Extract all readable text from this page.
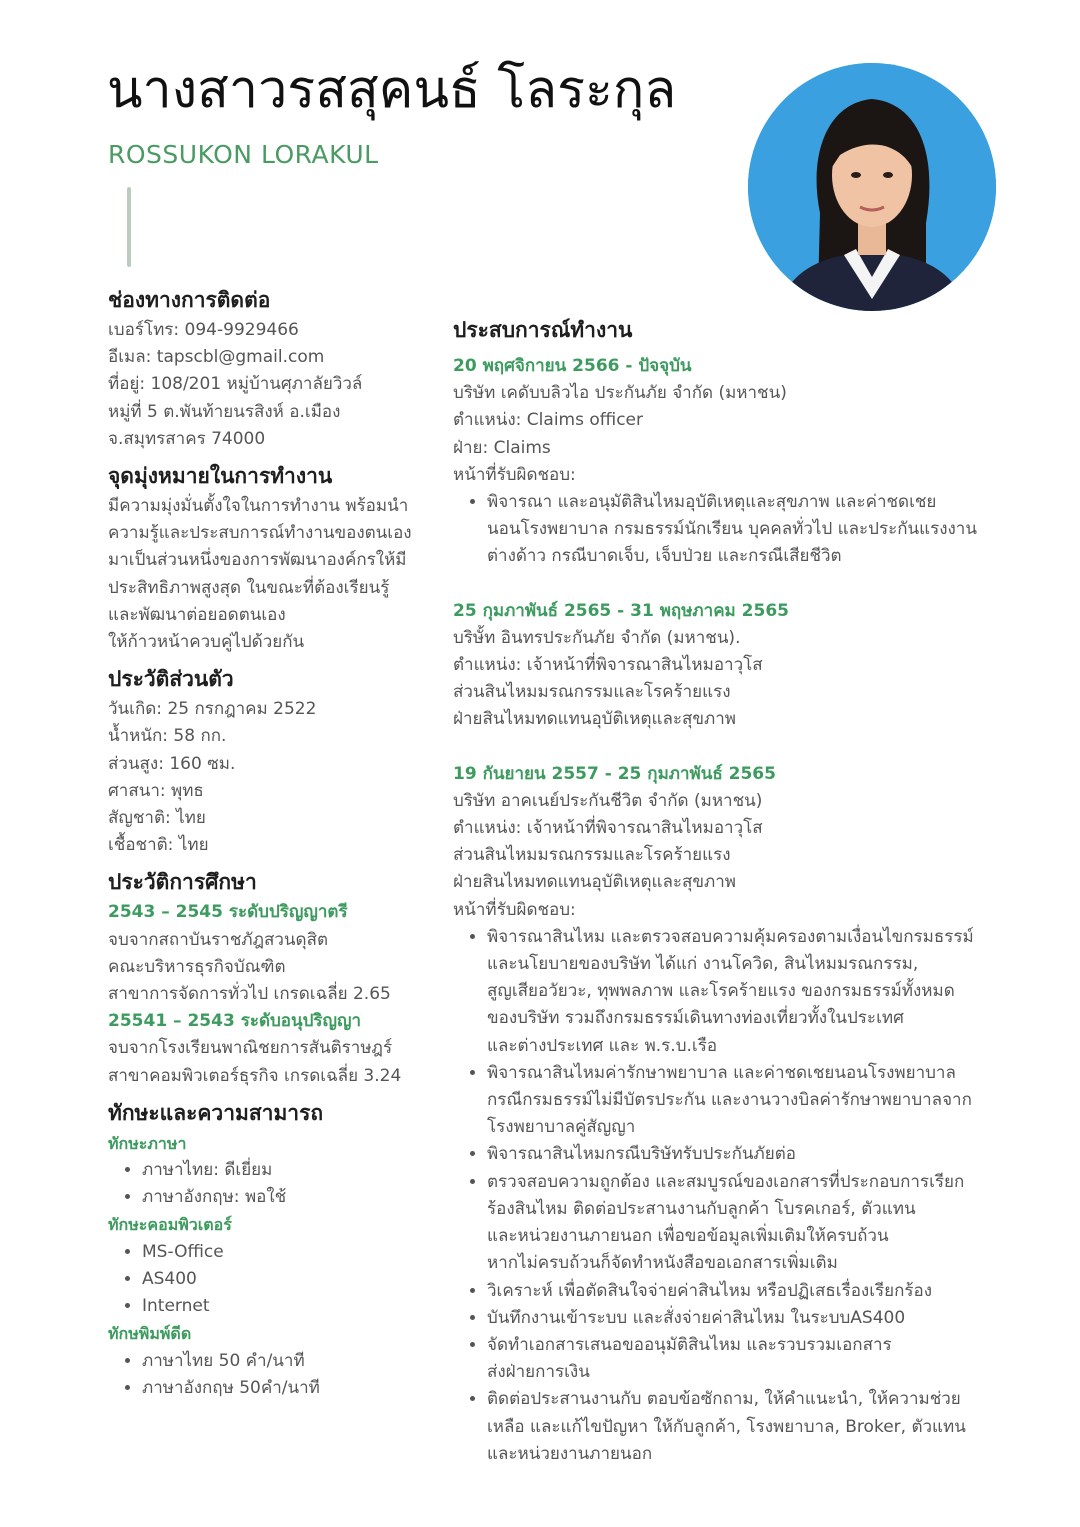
นางสาวรสสุคนธ์ โลระกุล

ROSSUKON LORAKUL

ช่องทางการติดต่อ

เบอร์โทร: 094-9929466

อีเมล: tapscbl@gmail.com

ที่อยู่: 108/201 หมู่บ้านศุภาลัยวิวล์

หมู่ที่ 5 ต.พันท้ายนรสิงห์ อ.เมือง

จ.สมุทรสาคร 74000

จุดมุ่งหมายในการทำงาน

มีความมุ่งมั่นตั้งใจในการทำงาน พร้อมนำ

ความรู้และประสบการณ์ทำงานของตนเอง

มาเป็นส่วนหนึ่งของการพัฒนาองค์กรให้มี

ประสิทธิภาพสูงสุด ในขณะที่ต้องเรียนรู้

และพัฒนาต่อยอดตนเอง

ให้ก้าวหน้าควบคู่ไปด้วยกัน

ประวัติส่วนตัว

วันเกิด: 25 กรกฎาคม 2522

น้ำหนัก: 58 กก.

ส่วนสูง: 160 ซม.

ศาสนา: พุทธ

สัญชาติ: ไทย

เชื้อชาติ: ไทย

ประวัติการศึกษา

2543 – 2545 ระดับปริญญาตรี

จบจากสถาบันราชภัฎสวนดุสิต

คณะบริหารธุรกิจบัณฑิต

สาขาการจัดการทั่วไป เกรดเฉลี่ย 2.65

25541 – 2543 ระดับอนุปริญญา

จบจากโรงเรียนพาณิชยการสันติราษฎร์

สาขาคอมพิวเตอร์ธุรกิจ เกรดเฉลี่ย 3.24

ทักษะและความสามารถ

ทักษะภาษา

• ภาษาไทย: ดีเยี่ยม
• ภาษาอังกฤษ: พอใช้

ทักษะคอมพิวเตอร์

• MS-Office
• AS400
• Internet

ทักษพิมพ์ดีด

• ภาษาไทย 50 คำ/นาที
• ภาษาอังกฤษ 50คำ/นาที
ประสบการณ์ทำงาน

20 พฤศจิกายน 2566 - ปัจจุบัน

บริษัท เคดับบลิวไอ ประกันภัย จำกัด (มหาชน)

ตำแหน่ง: Claims officer

ฝ่าย: Claims

หน้าที่รับผิดชอบ:

• พิจารณา และอนุมัติสินไหมอุบัติเหตุและสุขภาพ และค่าชดเชย
นอนโรงพยาบาล กรมธรรม์นักเรียน บุคคลทั่วไป และประกันแรงงาน
ต่างด้าว กรณีบาดเจ็บ, เจ็บป่วย และกรณีเสียชีวิต

25 กุมภาพันธ์ 2565 - 31 พฤษภาคม 2565

บริษั้ท อินทรประกันภัย จำกัด (มหาชน).

ตำแหน่ง: เจ้าหน้าที่พิจารณาสินไหมอาวุโส

ส่วนสินไหมมรณกรรมและโรคร้ายแรง

ฝ่ายสินไหมทดแทนอุบัติเหตุและสุขภาพ

19 กันยายน 2557 - 25 กุมภาพันธ์ 2565

บริษัท อาคเนย์ประกันชีวิต จำกัด (มหาชน)

ตำแหน่ง: เจ้าหน้าที่พิจารณาสินไหมอาวุโส

ส่วนสินไหมมรณกรรมและโรคร้ายแรง

ฝ่ายสินไหมทดแทนอุบัติเหตุและสุขภาพ

หน้าที่รับผิดชอบ:

• พิจารณาสินไหม และตรวจสอบความคุ้มครองตามเงื่อนไขกรมธรรม์
และนโยบายของบริษัท ได้แก่ งานโควิด, สินไหมมรณกรรม,
สูญเสียอวัยวะ, ทุพพลภาพ และโรคร้ายแรง ของกรมธรรม์ทั้งหมด
ของบริษัท รวมถึงกรมธรรม์เดินทางท่องเที่ยวทั้งในประเทศ
และต่างประเทศ และ พ.ร.บ.เรือ
• พิจารณาสินไหมค่ารักษาพยาบาล และค่าชดเชยนอนโรงพยาบาล
กรณีกรมธรรม์ไม่มีบัตรประกัน และงานวางบิลค่ารักษาพยาบาลจาก
โรงพยาบาลคู่สัญญา
• พิจารณาสินไหมกรณีบริษัทรับประกันภัยต่อ
• ตรวจสอบความถูกต้อง และสมบูรณ์ของเอกสารที่ประกอบการเรียก
ร้องสินไหม ติดต่อประสานงานกับลูกค้า โบรคเกอร์, ตัวแทน
และหน่วยงานภายนอก เพื่อขอข้อมูลเพิ่มเติมให้ครบถ้วน
หากไม่ครบถ้วนก็จัดทำหนังสือขอเอกสารเพิ่มเติม
• วิเคราะห์ เพื่อตัดสินใจจ่ายค่าสินไหม หรือปฏิเสธเรื่องเรียกร้อง
• บันทึกงานเข้าระบบ และสั่งจ่ายค่าสินไหม ในระบบAS400
• จัดทำเอกสารเสนอขออนุมัติสินไหม และรวบรวมเอกสาร
ส่งฝ่ายการเงิน
• ติดต่อประสานงานกับ ตอบข้อซักถาม, ให้คำแนะนำ, ให้ความช่วย
เหลือ และแก้ไขปัญหา ให้กับลูกค้า, โรงพยาบาล, Broker, ตัวแทน
และหน่วยงานภายนอก
